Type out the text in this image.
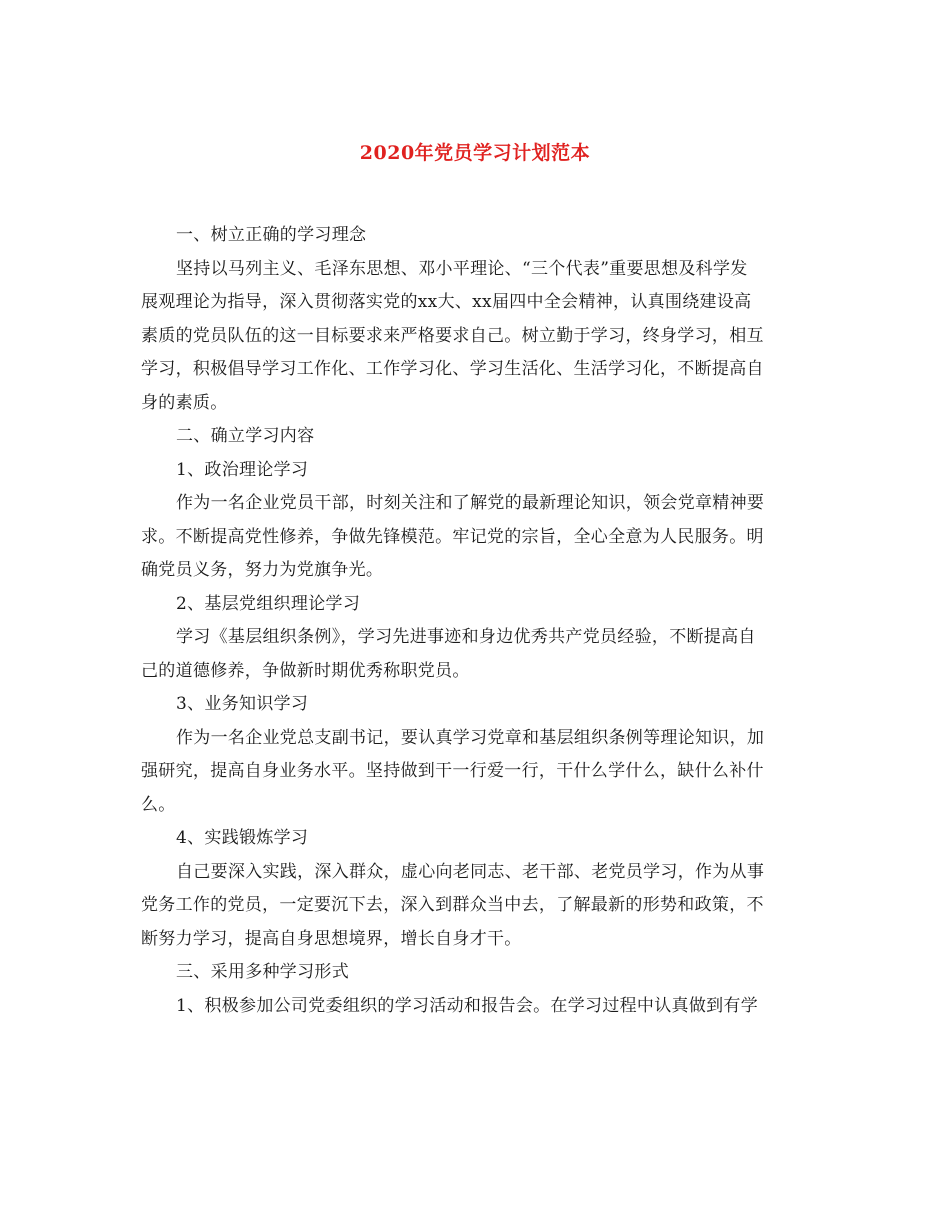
2020年党员学习计划范本
一、树立正确的学习理念
坚持以马列主义、毛泽东思想、邓小平理论、“三个代表”重要思想及科学发
展观理论为指导，深入贯彻落实党的xx大、xx届四中全会精神，认真围绕建设高
素质的党员队伍的这一目标要求来严格要求自己。树立勤于学习，终身学习，相互
学习，积极倡导学习工作化、工作学习化、学习生活化、生活学习化，不断提高自
身的素质。
二、确立学习内容
1、政治理论学习
作为一名企业党员干部，时刻关注和了解党的最新理论知识，领会党章精神要
求。不断提高党性修养，争做先锋模范。牢记党的宗旨，全心全意为人民服务。明
确党员义务，努力为党旗争光。
2、基层党组织理论学习
学习《基层组织条例》，学习先进事迹和身边优秀共产党员经验，不断提高自
己的道德修养，争做新时期优秀称职党员。
3、业务知识学习
作为一名企业党总支副书记，要认真学习党章和基层组织条例等理论知识，加
强研究，提高自身业务水平。坚持做到干一行爱一行，干什么学什么，缺什么补什
么。
4、实践锻炼学习
自己要深入实践，深入群众，虚心向老同志、老干部、老党员学习，作为从事
党务工作的党员，一定要沉下去，深入到群众当中去，了解最新的形势和政策，不
断努力学习，提高自身思想境界，增长自身才干。
三、采用多种学习形式
1、积极参加公司党委组织的学习活动和报告会。在学习过程中认真做到有学
